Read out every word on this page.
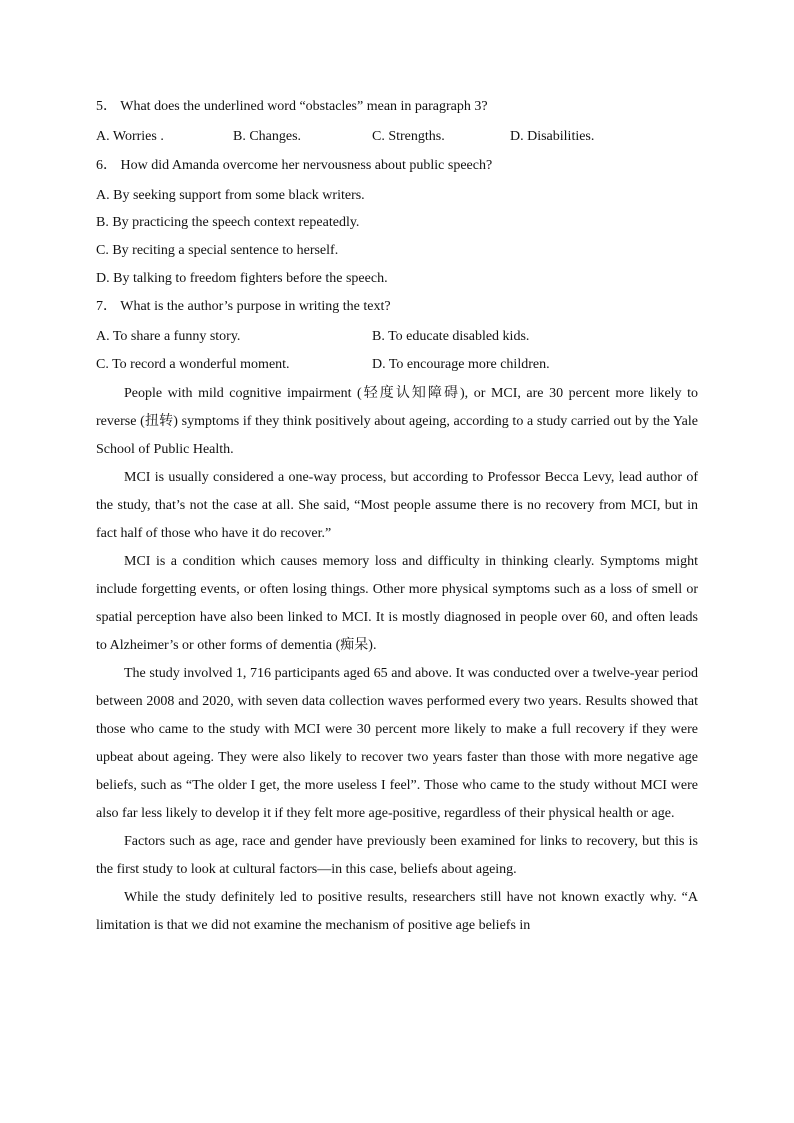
5． What does the underlined word “obstacles” mean in paragraph 3?
A. Worries .	B. Changes.	C. Strengths.	D. Disabilities.
6． How did Amanda overcome her nervousness about public speech?
A. By seeking support from some black writers.
B. By practicing the speech context repeatedly.
C. By reciting a special sentence to herself.
D. By talking to freedom fighters before the speech.
7． What is the author’s purpose in writing the text?
A. To share a funny story.	B. To educate disabled kids.
C. To record a wonderful moment.	D. To encourage more children.

People with mild cognitive impairment (轻度认知障碍), or MCI, are 30 percent more likely to reverse (扭转) symptoms if they think positively about ageing, according to a study carried out by the Yale School of Public Health.

MCI is usually considered a one-way process, but according to Professor Becca Levy, lead author of the study, that’s not the case at all. She said, “Most people assume there is no recovery from MCI, but in fact half of those who have it do recover.”

MCI is a condition which causes memory loss and difficulty in thinking clearly. Symptoms might include forgetting events, or often losing things. Other more physical symptoms such as a loss of smell or spatial perception have also been linked to MCI. It is mostly diagnosed in people over 60, and often leads to Alzheimer’s or other forms of dementia (痴呆).

The study involved 1, 716 participants aged 65 and above. It was conducted over a twelve-year period between 2008 and 2020, with seven data collection waves performed every two years. Results showed that those who came to the study with MCI were 30 percent more likely to make a full recovery if they were upbeat about ageing. They were also likely to recover two years faster than those with more negative age beliefs, such as “The older I get, the more useless I feel”. Those who came to the study without MCI were also far less likely to develop it if they felt more age-positive, regardless of their physical health or age.

Factors such as age, race and gender have previously been examined for links to recovery, but this is the first study to look at cultural factors—in this case, beliefs about ageing.

While the study definitely led to positive results, researchers still have not known exactly why. “A limitation is that we did not examine the mechanism of positive age beliefs in
